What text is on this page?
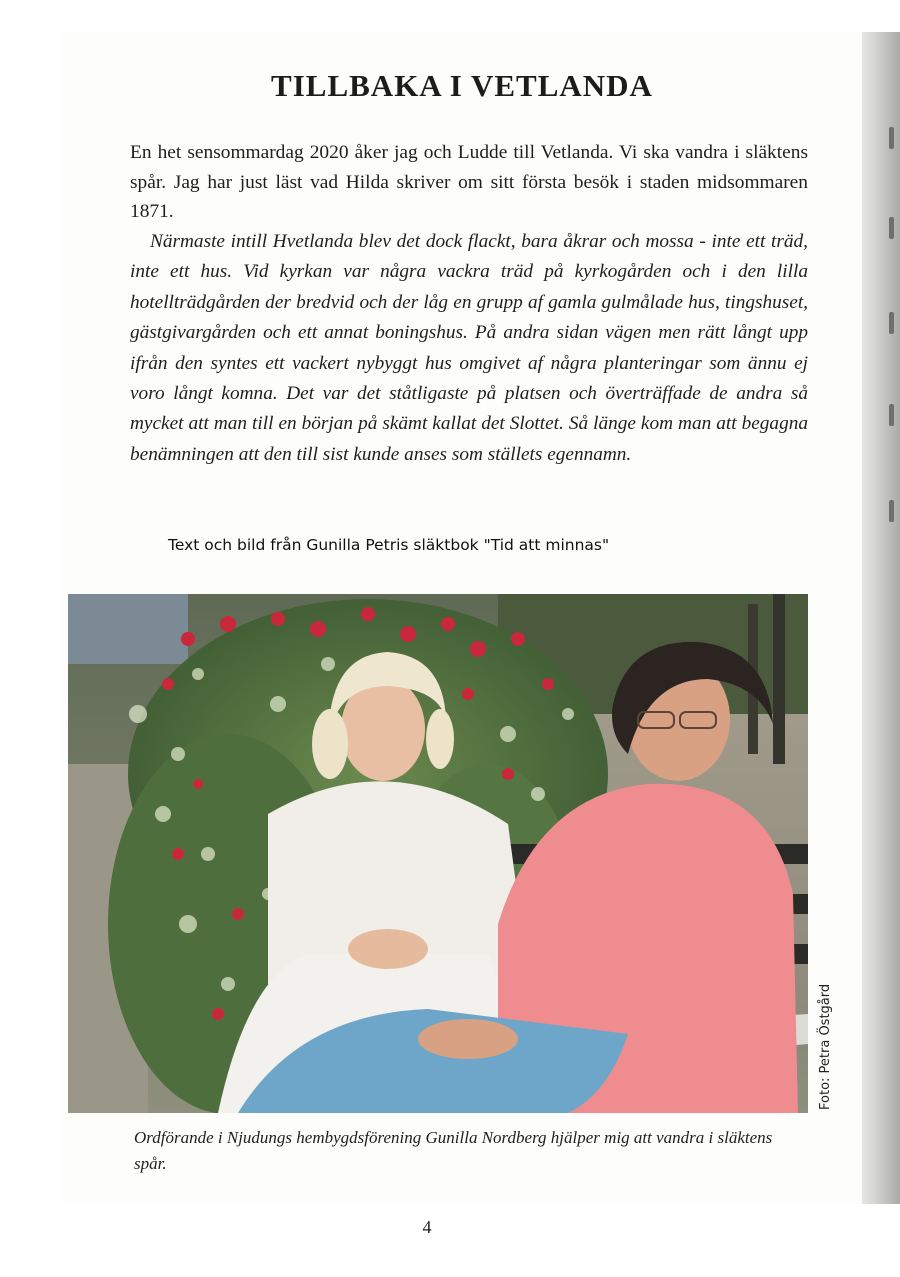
TILLBAKA I VETLANDA

En het sensommardag 2020 åker jag och Ludde till Vetlanda. Vi ska vandra i släktens spår. Jag har just läst vad Hilda skriver om sitt första besök i staden midsommaren 1871.

Närmaste intill Hvetlanda blev det dock flackt, bara åkrar och mossa - inte ett träd, inte ett hus. Vid kyrkan var några vackra träd på kyrkogården och i den lilla hotellträdgården der bredvid och der låg en grupp af gamla gulmålade hus, tingshuset, gästgivargården och ett annat boningshus. På andra sidan vägen men rätt långt upp ifrån den syntes ett vackert nybyggt hus omgivet af några planteringar som ännu ej voro långt komna. Det var det ståtligaste på platsen och överträffade de andra så mycket att man till en början på skämt kallat det Slottet. Så länge kom man att begagna benämningen att den till sist kunde anses som ställets egennamn.

Text och bild från Gunilla Petris släktbok "Tid att minnas"

Foto: Petra Östgård

Ordförande i Njudungs hembygdsförening Gunilla Nordberg hjälper mig att vandra i släktens spår.

4
